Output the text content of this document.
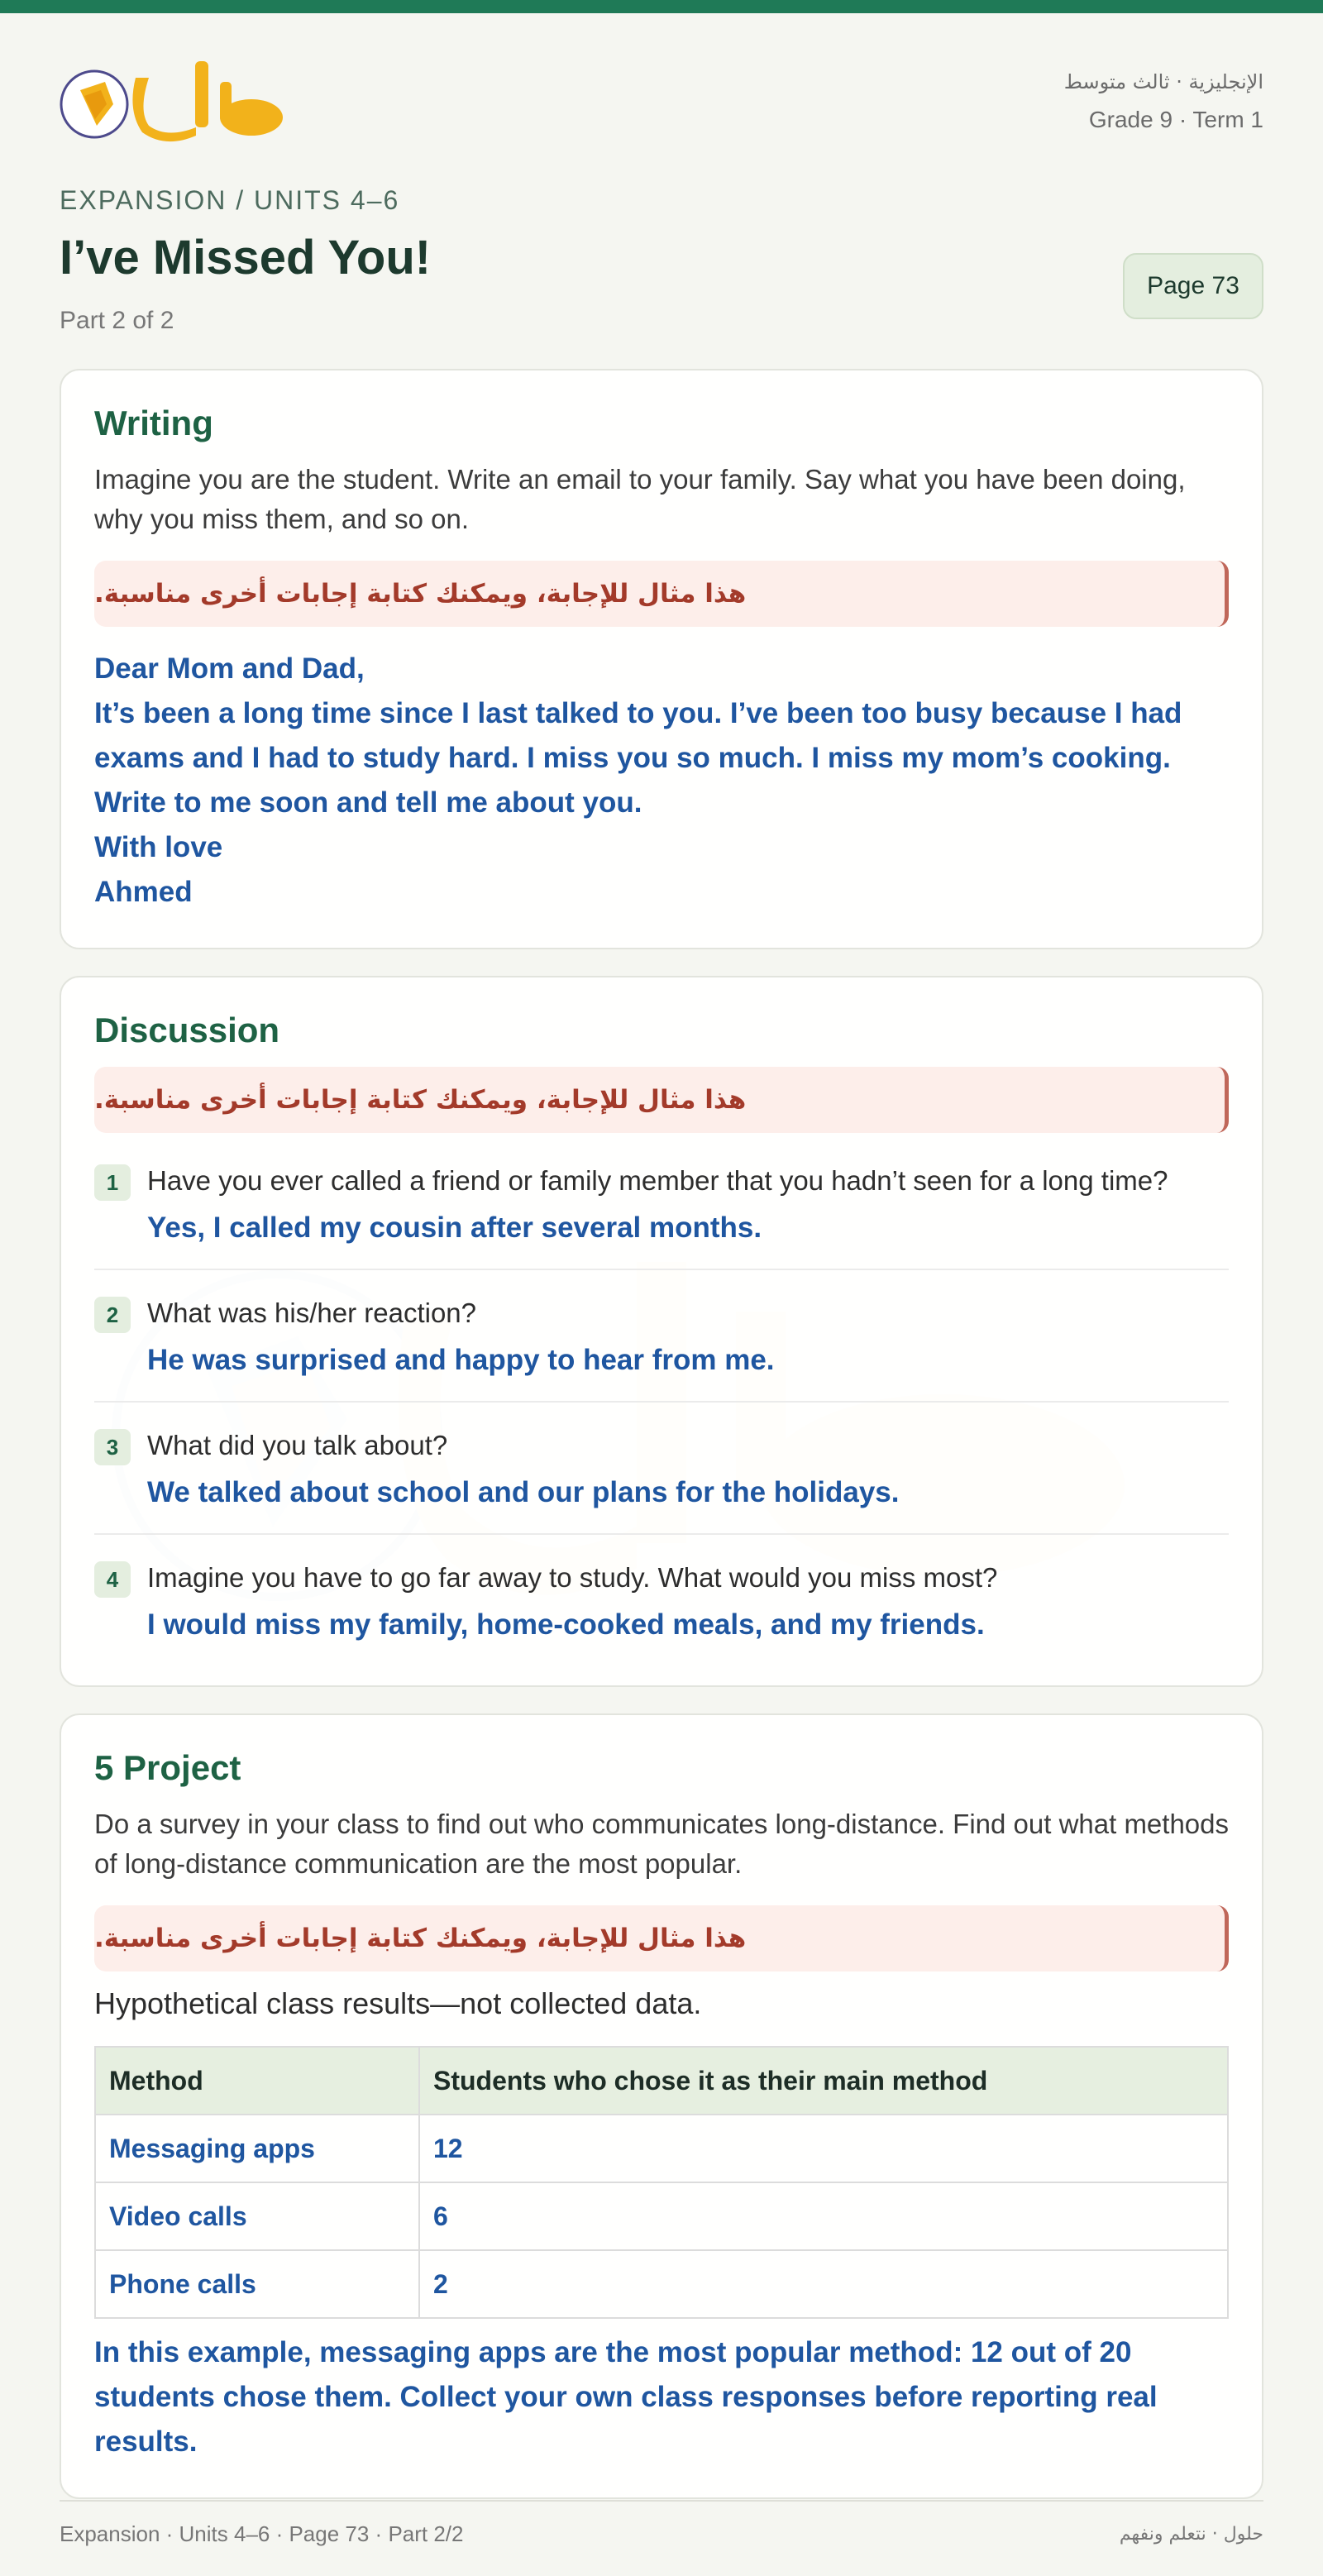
الإنجليزية · ثالث متوسط
Grade 9 · Term 1
EXPANSION / UNITS 4–6
I’ve Missed You!
Part 2 of 2
Page 73
Writing
Imagine you are the student. Write an email to your family. Say what you have been doing, why you miss them, and so on.
هذا مثال للإجابة، ويمكنك كتابة إجابات أخرى مناسبة.
Dear Mom and Dad,
It’s been a long time since I last talked to you. I’ve been too busy because I had exams and I had to study hard. I miss you so much. I miss my mom’s cooking. Write to me soon and tell me about you.
With love
Ahmed
Discussion
هذا مثال للإجابة، ويمكنك كتابة إجابات أخرى مناسبة.
1	Have you ever called a friend or family member that you hadn’t seen for a long time?
Yes, I called my cousin after several months.
2	What was his/her reaction?
He was surprised and happy to hear from me.
3	What did you talk about?
We talked about school and our plans for the holidays.
4	Imagine you have to go far away to study. What would you miss most?
I would miss my family, home-cooked meals, and my friends.
5 Project
Do a survey in your class to find out who communicates long-distance. Find out what methods of long-distance communication are the most popular.
هذا مثال للإجابة، ويمكنك كتابة إجابات أخرى مناسبة.
Hypothetical class results—not collected data.
Method	Students who chose it as their main method
Messaging apps	12
Video calls	6
Phone calls	2
In this example, messaging apps are the most popular method: 12 out of 20 students chose them. Collect your own class responses before reporting real results.
Expansion · Units 4–6 · Page 73 · Part 2/2	حلول · نتعلم ونفهم
